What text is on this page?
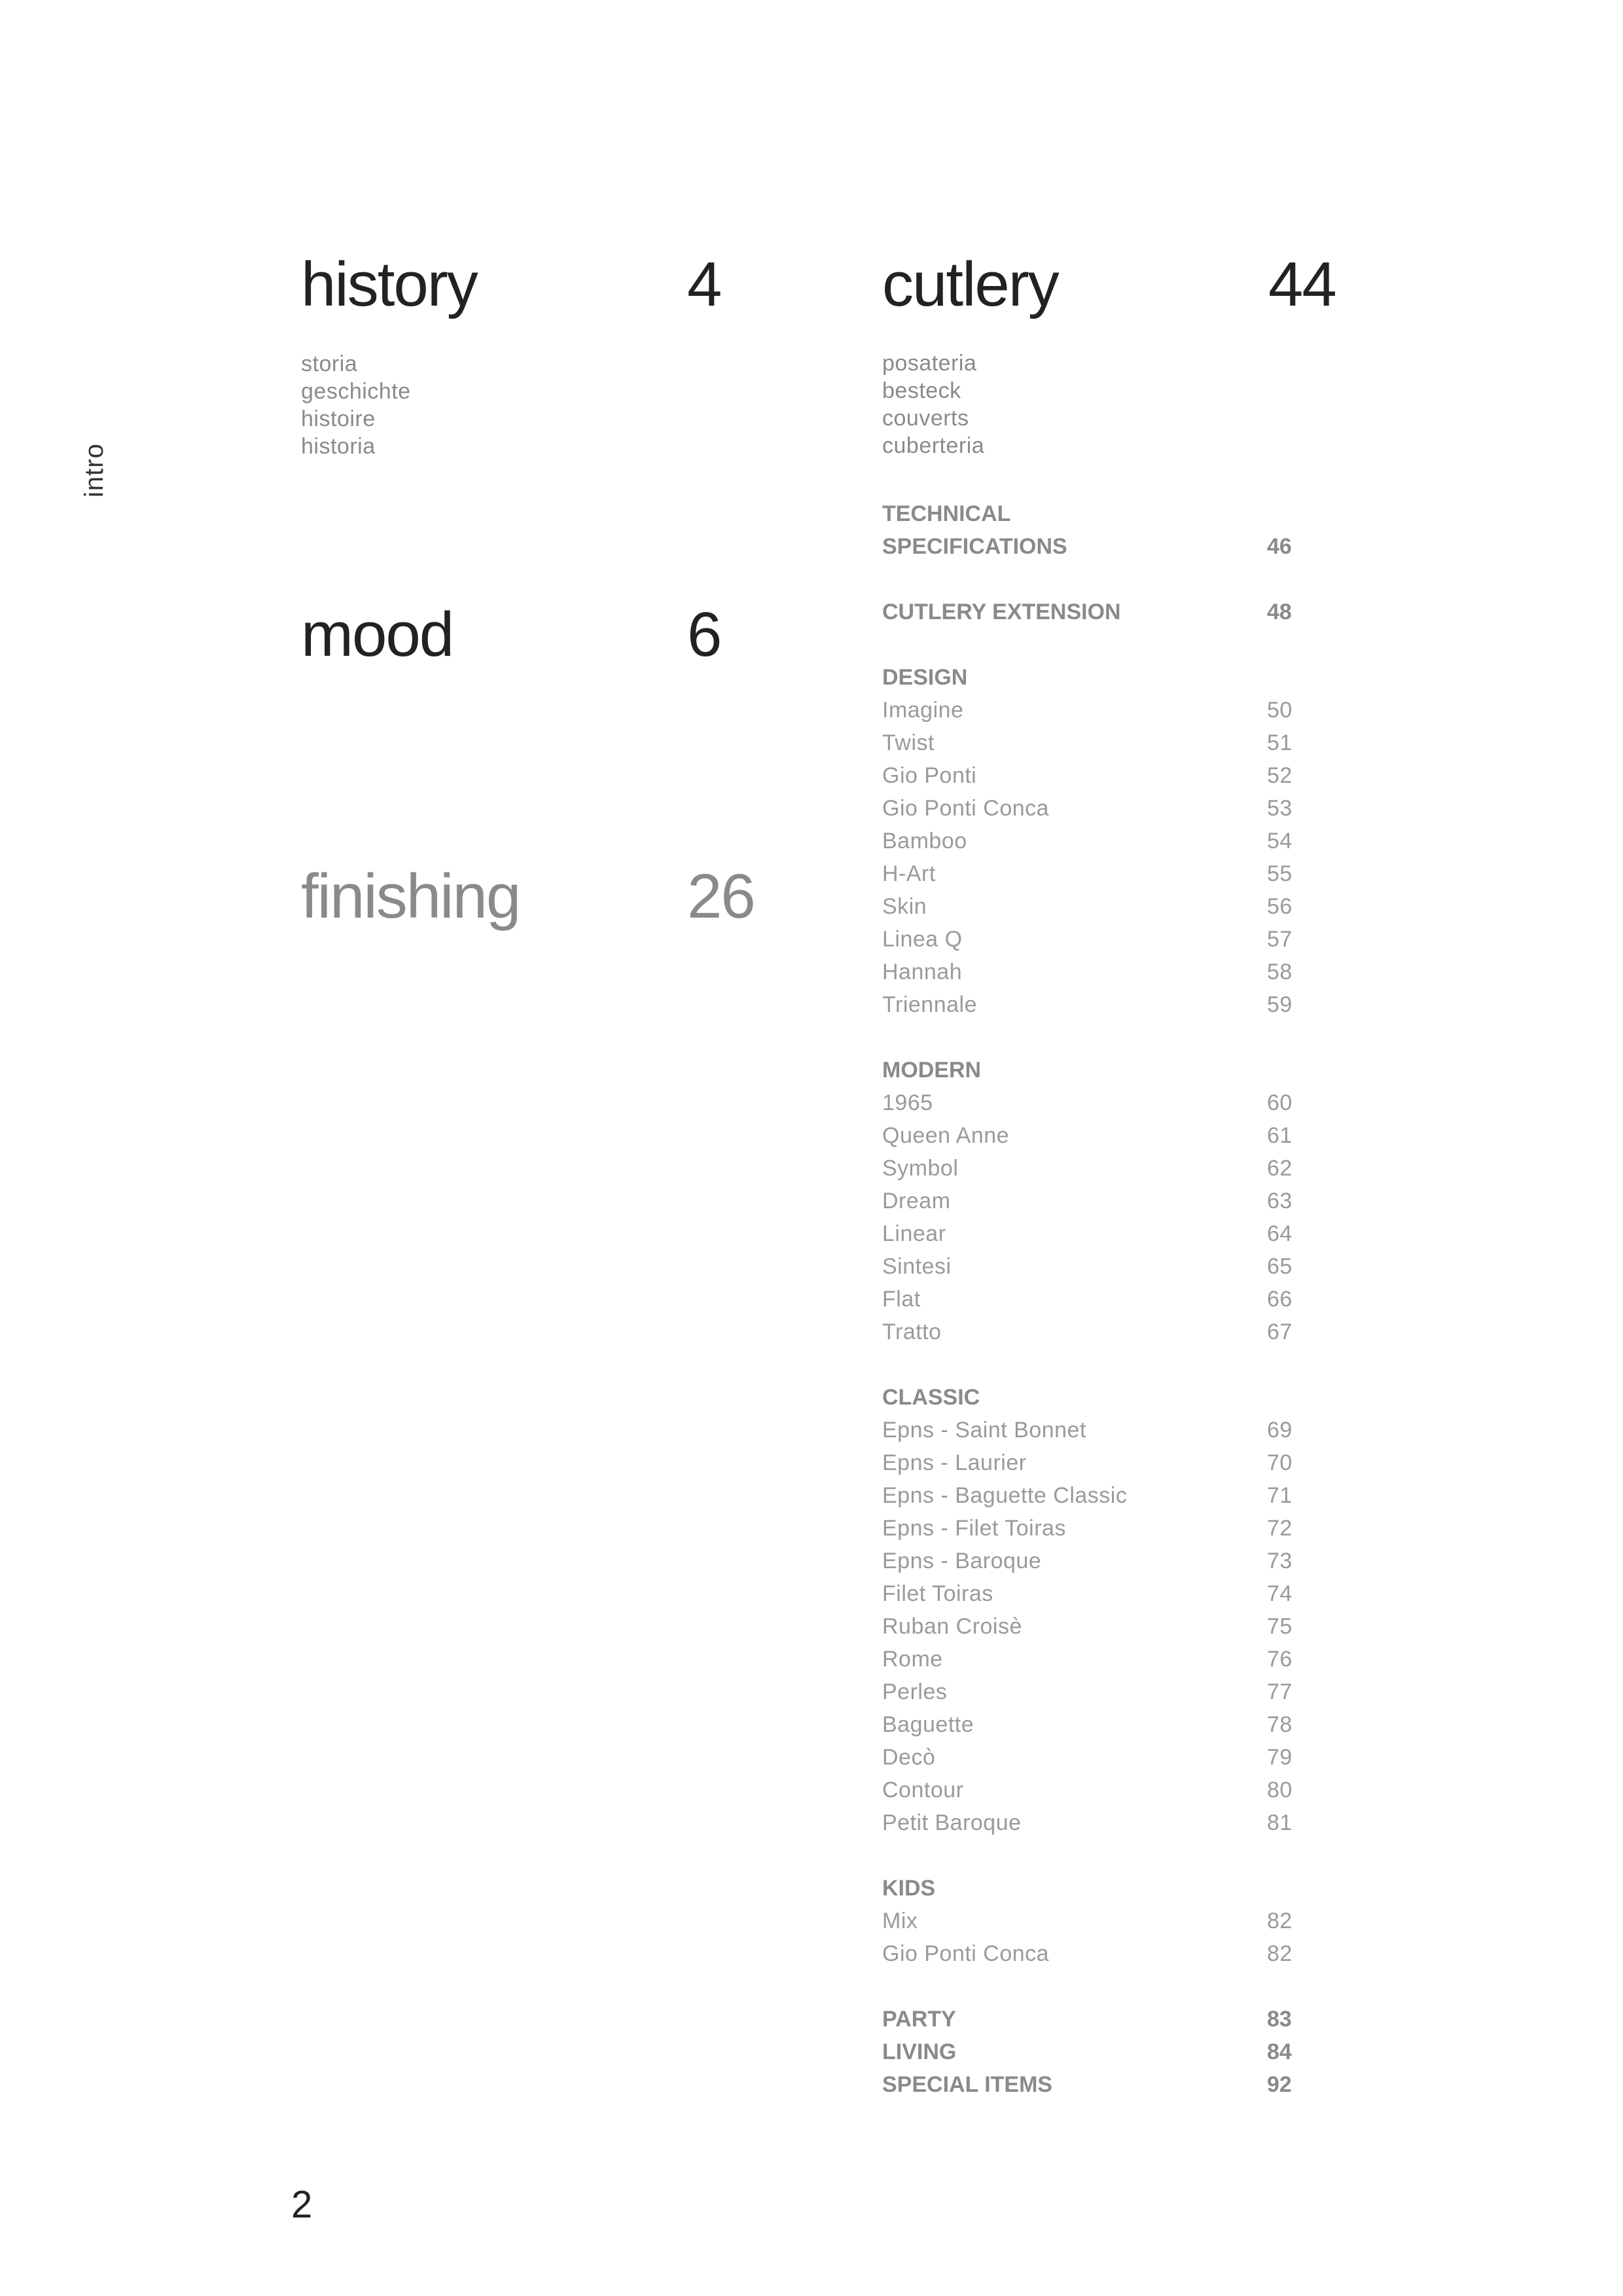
intro
history	4
storia
geschichte
histoire
historia
mood	6
finishing	26
cutlery	44
posateria
besteck
couverts
cuberteria
TECHNICAL
SPECIFICATIONS	46
CUTLERY EXTENSION	48
DESIGN
Imagine	50
Twist	51
Gio Ponti	52
Gio Ponti Conca	53
Bamboo	54
H-Art	55
Skin	56
Linea Q	57
Hannah	58
Triennale	59
MODERN
1965	60
Queen Anne	61
Symbol	62
Dream	63
Linear	64
Sintesi	65
Flat	66
Tratto	67
CLASSIC
Epns - Saint Bonnet	69
Epns - Laurier	70
Epns - Baguette Classic	71
Epns - Filet Toiras	72
Epns - Baroque	73
Filet Toiras	74
Ruban Croisè	75
Rome	76
Perles	77
Baguette	78
Decò	79
Contour	80
Petit Baroque	81
KIDS
Mix	82
Gio Ponti Conca	82
PARTY	83
LIVING	84
SPECIAL ITEMS	92
2
